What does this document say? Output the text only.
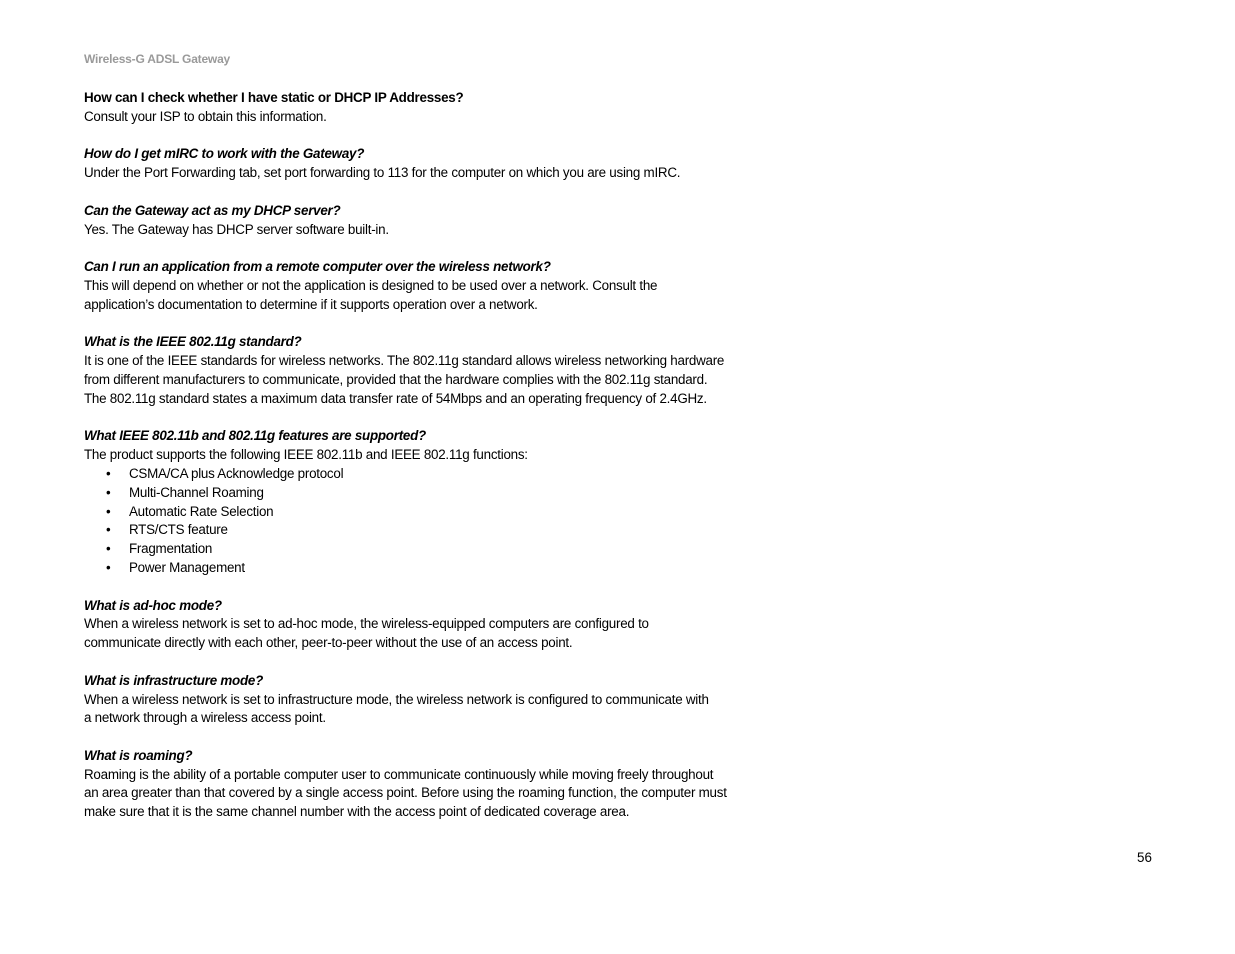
Wireless-G ADSL Gateway

How can I check whether I have static or DHCP IP Addresses?

Consult your ISP to obtain this information.

How do I get mIRC to work with the Gateway?

Under the Port Forwarding tab, set port forwarding to 113 for the computer on which you are using mIRC.

Can the Gateway act as my DHCP server?

Yes. The Gateway has DHCP server software built-in.

Can I run an application from a remote computer over the wireless network?

This will depend on whether or not the application is designed to be used over a network. Consult the

application’s documentation to determine if it supports operation over a network.

What is the IEEE 802.11g standard?

It is one of the IEEE standards for wireless networks. The 802.11g standard allows wireless networking hardware

from different manufacturers to communicate, provided that the hardware complies with the 802.11g standard.

The 802.11g standard states a maximum data transfer rate of 54Mbps and an operating frequency of 2.4GHz.

What IEEE 802.11b and 802.11g features are supported?

The product supports the following IEEE 802.11b and IEEE 802.11g functions:

• CSMA/CA plus Acknowledge protocol
• Multi-Channel Roaming
• Automatic Rate Selection
• RTS/CTS feature
• Fragmentation
• Power Management

What is ad-hoc mode?

When a wireless network is set to ad-hoc mode, the wireless-equipped computers are configured to

communicate directly with each other, peer-to-peer without the use of an access point.

What is infrastructure mode?

When a wireless network is set to infrastructure mode, the wireless network is configured to communicate with

a network through a wireless access point.

What is roaming?

Roaming is the ability of a portable computer user to communicate continuously while moving freely throughout

an area greater than that covered by a single access point. Before using the roaming function, the computer must

make sure that it is the same channel number with the access point of dedicated coverage area.

56
